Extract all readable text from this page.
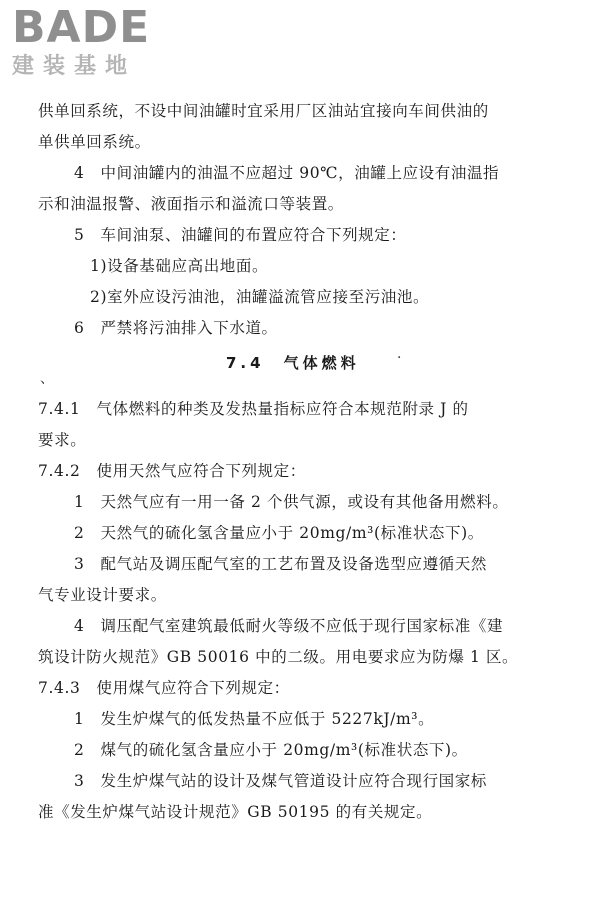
BADE
建装基地
供单回系统，不设中间油罐时宜采用厂区油站宜接向车间供油的
单供单回系统。
4　中间油罐内的油温不应超过 90℃，油罐上应设有油温指
示和油温报警、液面指示和溢流口等装置。
5　车间油泵、油罐间的布置应符合下列规定：
1)设备基础应高出地面。
2)室外应设污油池，油罐溢流管应接至污油池。
6　严禁将污油排入下水道。
7.4　气体燃料	·
、
7.4.1　气体燃料的种类及发热量指标应符合本规范附录 J 的
要求。
7.4.2　使用天然气应符合下列规定：
1　天然气应有一用一备 2 个供气源，或设有其他备用燃料。
2　天然气的硫化氢含量应小于 20mg/m³(标准状态下)。
3　配气站及调压配气室的工艺布置及设备选型应遵循天然
气专业设计要求。
4　调压配气室建筑最低耐火等级不应低于现行国家标准《建
筑设计防火规范》GB 50016 中的二级。用电要求应为防爆 1 区。
7.4.3　使用煤气应符合下列规定：
1　发生炉煤气的低发热量不应低于 5227kJ/m³。
2　煤气的硫化氢含量应小于 20mg/m³(标准状态下)。
3　发生炉煤气站的设计及煤气管道设计应符合现行国家标
准《发生炉煤气站设计规范》GB 50195 的有关规定。
